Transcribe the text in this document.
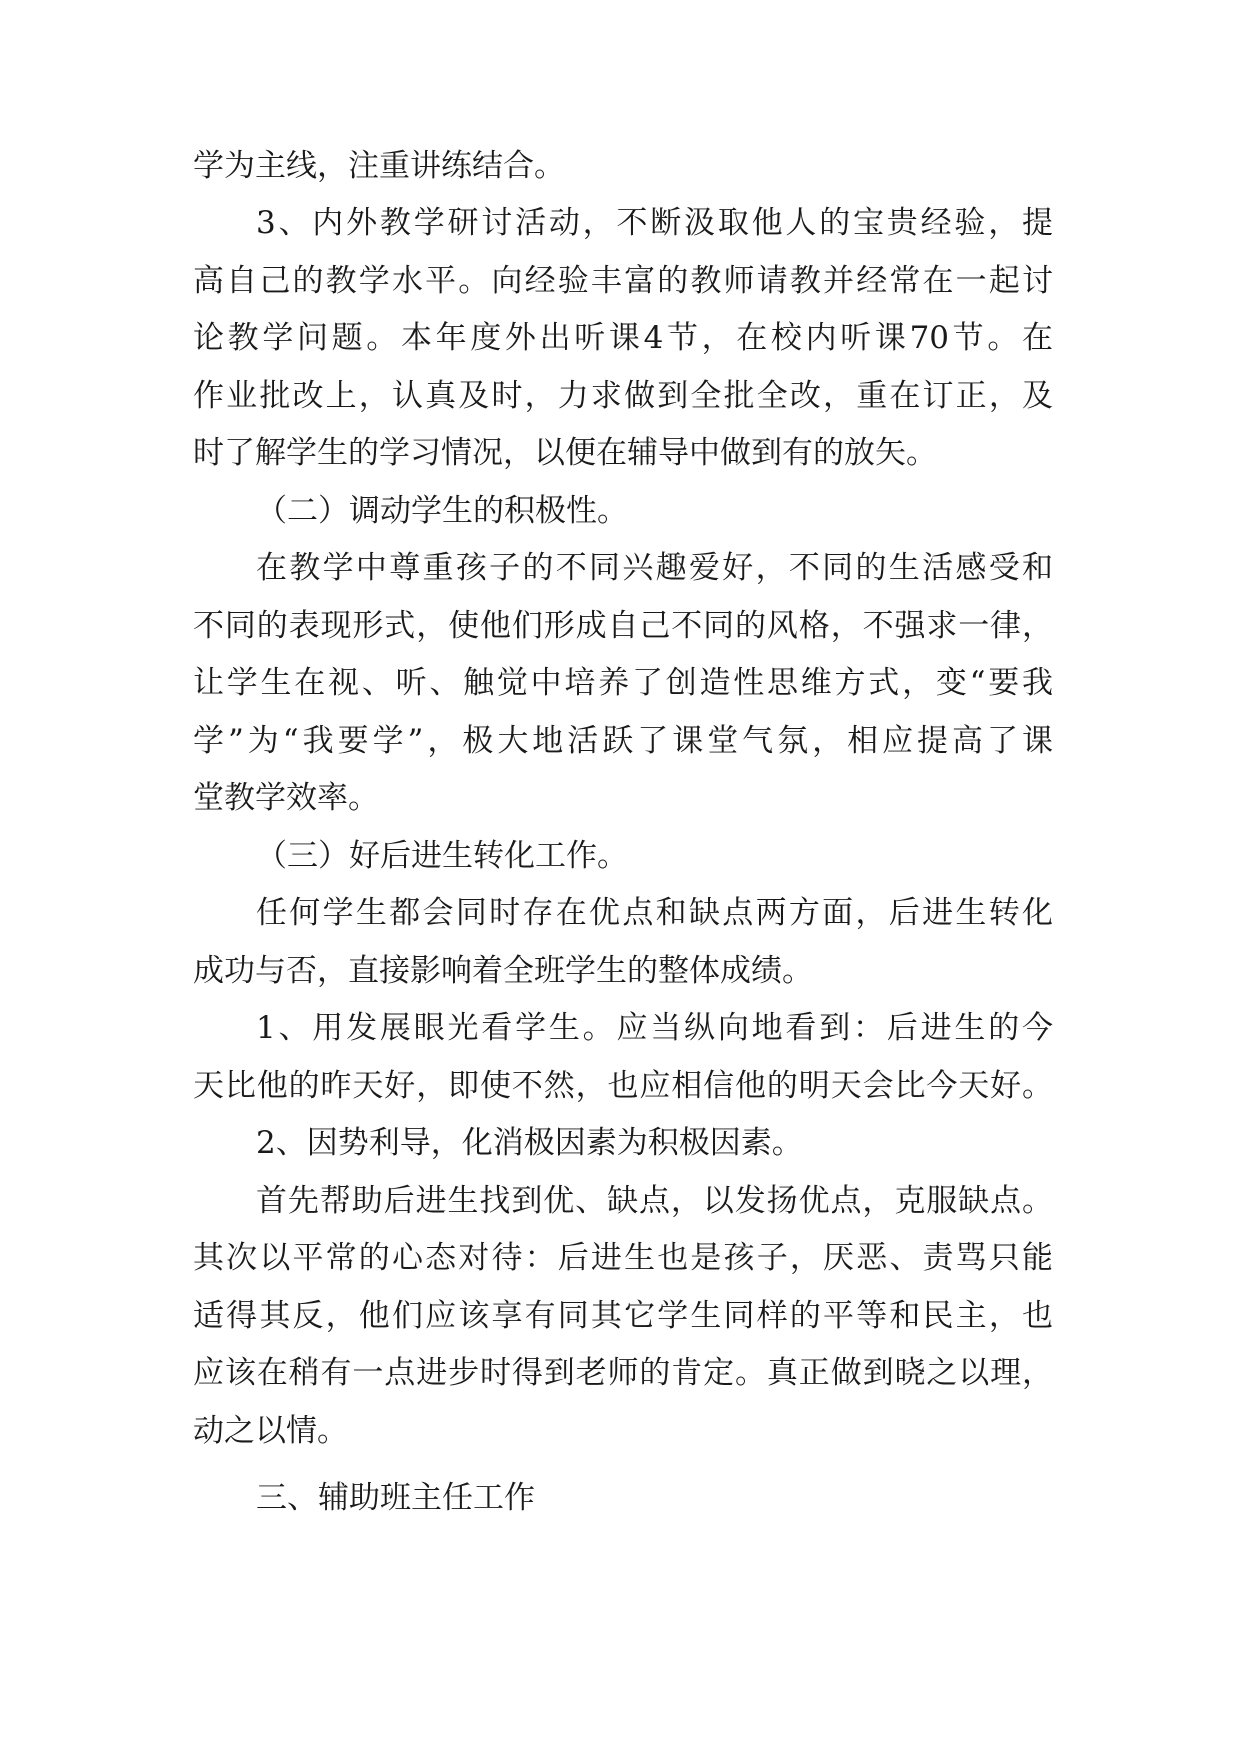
学为主线，注重讲练结合。
3、内外教学研讨活动，不断汲取他人的宝贵经验，提
高自己的教学水平。向经验丰富的教师请教并经常在一起讨
论教学问题。本年度外出听课4节，在校内听课70节。在
作业批改上，认真及时，力求做到全批全改，重在订正，及
时了解学生的学习情况，以便在辅导中做到有的放矢。
（二）调动学生的积极性。
在教学中尊重孩子的不同兴趣爱好，不同的生活感受和
不同的表现形式，使他们形成自己不同的风格，不强求一律，
让学生在视、听、触觉中培养了创造性思维方式，变“要我
学”为“我要学”，极大地活跃了课堂气氛，相应提高了课
堂教学效率。
（三）好后进生转化工作。
任何学生都会同时存在优点和缺点两方面，后进生转化
成功与否，直接影响着全班学生的整体成绩。
1、用发展眼光看学生。应当纵向地看到：后进生的今
天比他的昨天好，即使不然，也应相信他的明天会比今天好。
2、因势利导，化消极因素为积极因素。
首先帮助后进生找到优、缺点，以发扬优点，克服缺点。
其次以平常的心态对待：后进生也是孩子，厌恶、责骂只能
适得其反，他们应该享有同其它学生同样的平等和民主，也
应该在稍有一点进步时得到老师的肯定。真正做到晓之以理，
动之以情。
三、辅助班主任工作
